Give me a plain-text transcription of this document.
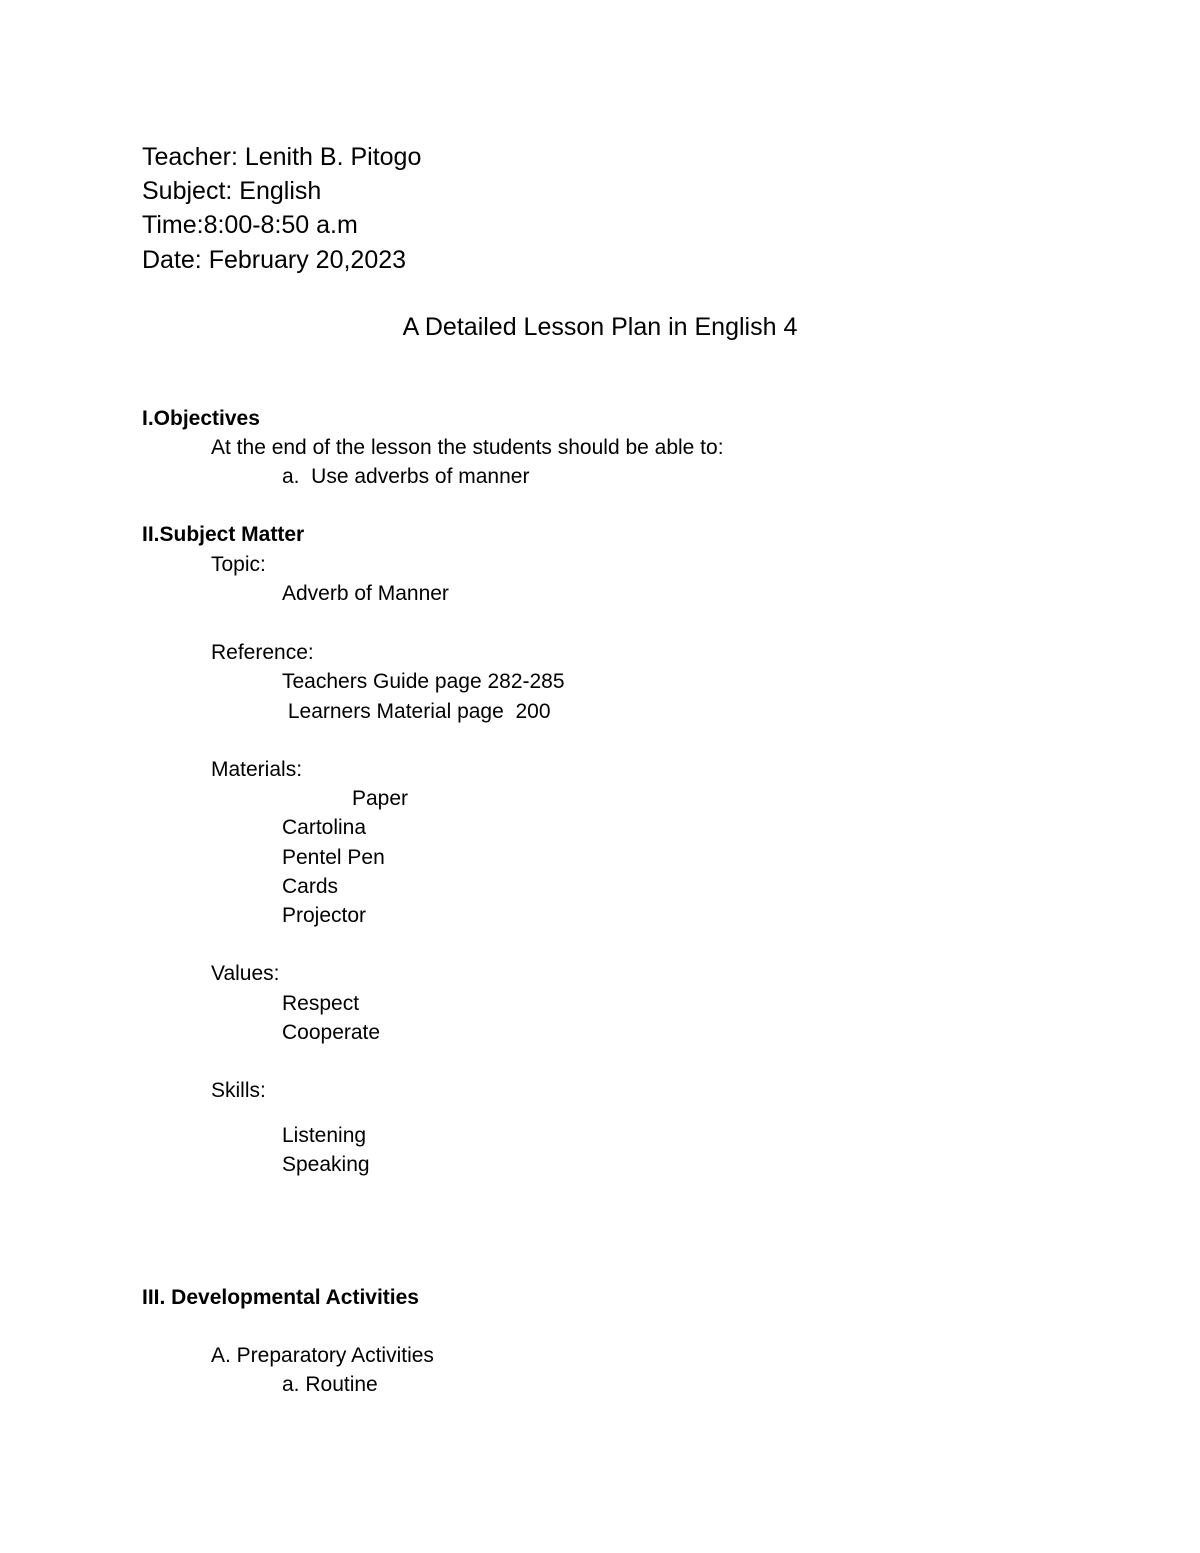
Teacher: Lenith B. Pitogo
Subject: English
Time:8:00-8:50 a.m
Date: February 20,2023
A Detailed Lesson Plan in English 4
I.Objectives
At the end of the lesson the students should be able to:
a.  Use adverbs of manner
II.Subject Matter
Topic:
Adverb of Manner
Reference:
Teachers Guide page 282-285
Learners Material page  200
Materials:
Paper
Cartolina
Pentel Pen
Cards
Projector
Values:
Respect
Cooperate
Skills:
Listening
Speaking
III. Developmental Activities
A. Preparatory Activities
a. Routine
